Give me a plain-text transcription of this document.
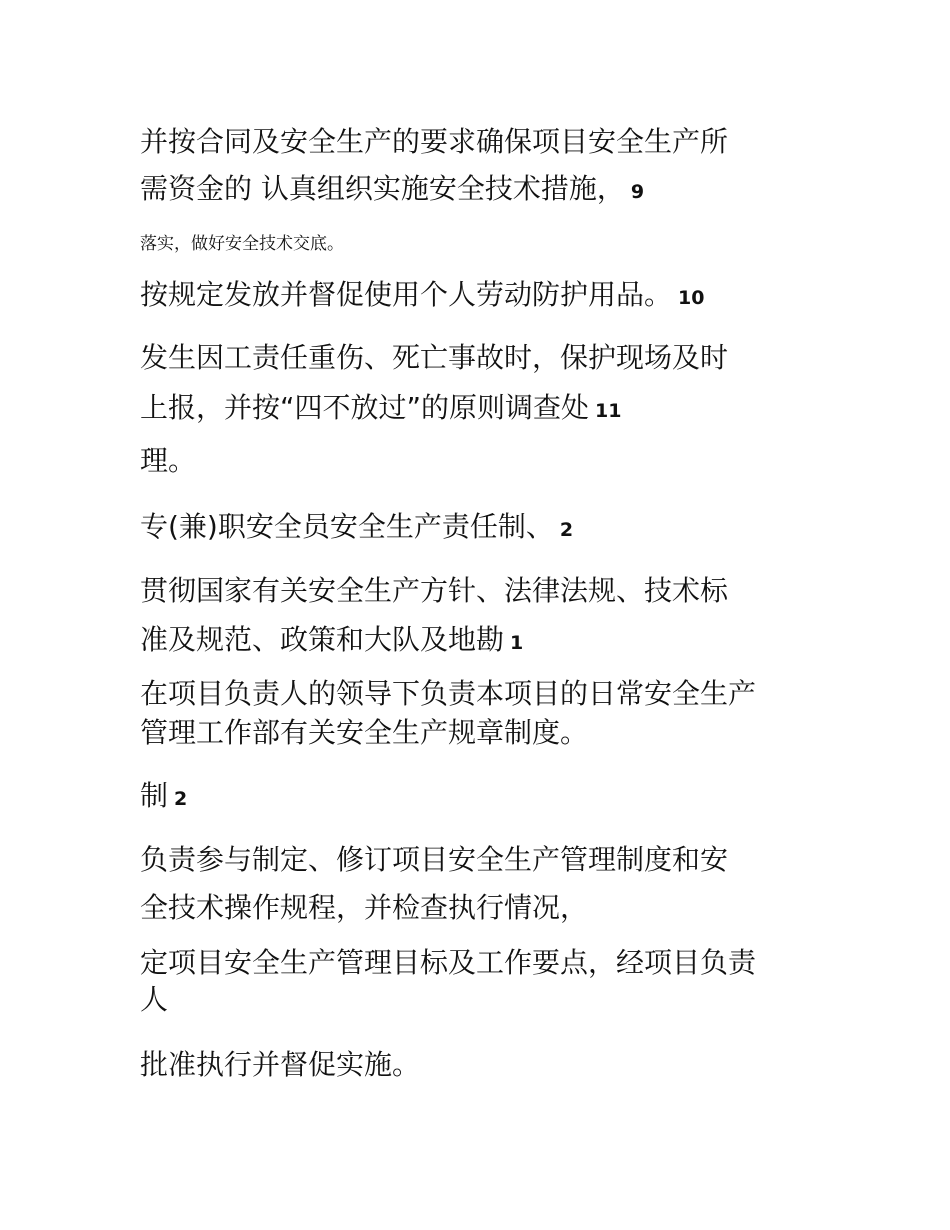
并按合同及安全生产的要求确保项目安全生产所
需资金的 认真组织实施安全技术措施， 9
落实，做好安全技术交底。
按规定发放并督促使用个人劳动防护用品。 10
发生因工责任重伤、死亡事故时，保护现场及时
上报，并按“四不放过”的原则调查处 11
理。
专(兼)职安全员安全生产责任制、 2
贯彻国家有关安全生产方针、法律法规、技术标
准及规范、政策和大队及地勘 1
在项目负责人的领导下负责本项目的日常安全生产
管理工作部有关安全生产规章制度。
制 2
负责参与制定、修订项目安全生产管理制度和安
全技术操作规程，并检查执行情况，
定项目安全生产管理目标及工作要点，经项目负责
人
批准执行并督促实施。
